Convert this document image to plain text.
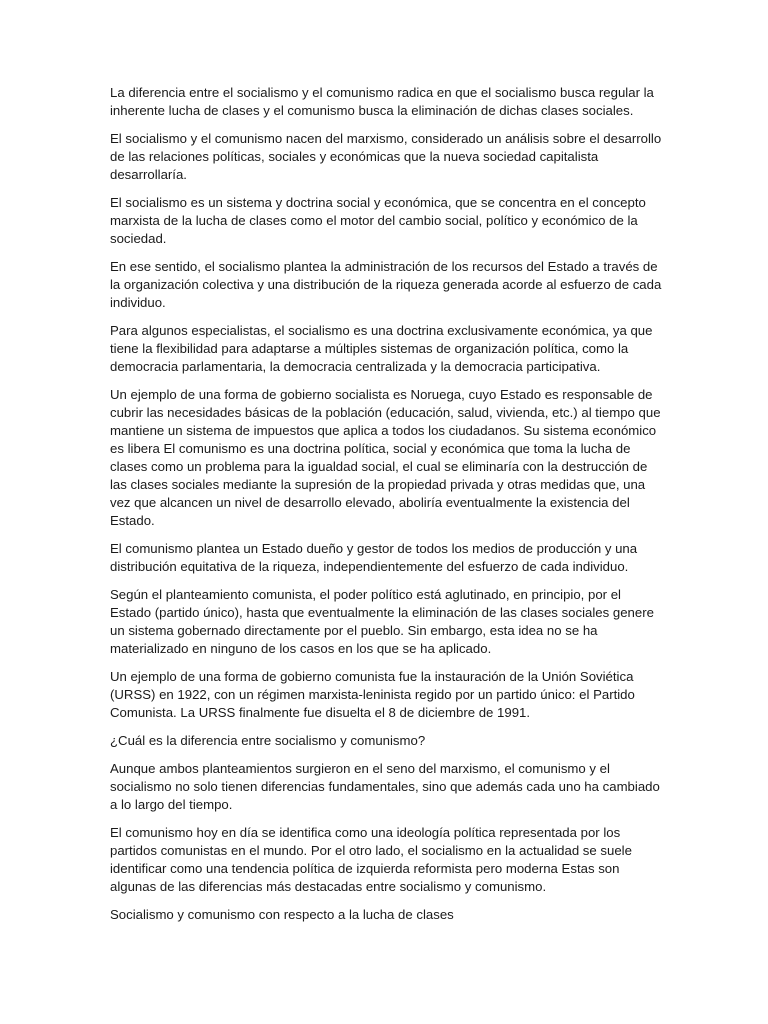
La diferencia entre el socialismo y el comunismo radica en que el socialismo busca regular la inherente lucha de clases y el comunismo busca la eliminación de dichas clases sociales.

El socialismo y el comunismo nacen del marxismo, considerado un análisis sobre el desarrollo de las relaciones políticas, sociales y económicas que la nueva sociedad capitalista desarrollaría.

El socialismo es un sistema y doctrina social y económica, que se concentra en el concepto marxista de la lucha de clases como el motor del cambio social, político y económico de la sociedad.

En ese sentido, el socialismo plantea la administración de los recursos del Estado a través de la organización colectiva y una distribución de la riqueza generada acorde al esfuerzo de cada individuo.

Para algunos especialistas, el socialismo es una doctrina exclusivamente económica, ya que tiene la flexibilidad para adaptarse a múltiples sistemas de organización política, como la democracia parlamentaria, la democracia centralizada y la democracia participativa.

Un ejemplo de una forma de gobierno socialista es Noruega, cuyo Estado es responsable de cubrir las necesidades básicas de la población (educación, salud, vivienda, etc.) al tiempo que mantiene un sistema de impuestos que aplica a todos los ciudadanos. Su sistema económico es libera El comunismo es una doctrina política, social y económica que toma la lucha de clases como un problema para la igualdad social, el cual se eliminaría con la destrucción de las clases sociales mediante la supresión de la propiedad privada y otras medidas que, una vez que alcancen un nivel de desarrollo elevado, aboliría eventualmente la existencia del Estado.

El comunismo plantea un Estado dueño y gestor de todos los medios de producción y una distribución equitativa de la riqueza, independientemente del esfuerzo de cada individuo.

Según el planteamiento comunista, el poder político está aglutinado, en principio, por el Estado (partido único), hasta que eventualmente la eliminación de las clases sociales genere un sistema gobernado directamente por el pueblo. Sin embargo, esta idea no se ha materializado en ninguno de los casos en los que se ha aplicado.

Un ejemplo de una forma de gobierno comunista fue la instauración de la Unión Soviética (URSS) en 1922, con un régimen marxista-leninista regido por un partido único: el Partido Comunista. La URSS finalmente fue disuelta el 8 de diciembre de 1991.

¿Cuál es la diferencia entre socialismo y comunismo?

Aunque ambos planteamientos surgieron en el seno del marxismo, el comunismo y el socialismo no solo tienen diferencias fundamentales, sino que además cada uno ha cambiado a lo largo del tiempo.

El comunismo hoy en día se identifica como una ideología política representada por los partidos comunistas en el mundo. Por el otro lado, el socialismo en la actualidad se suele identificar como una tendencia política de izquierda reformista pero moderna Estas son algunas de las diferencias más destacadas entre socialismo y comunismo.

Socialismo y comunismo con respecto a la lucha de clases
